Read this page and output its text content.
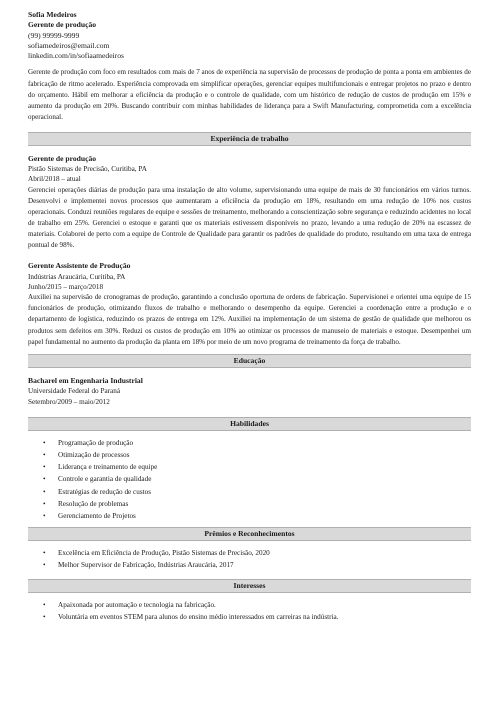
Sofia Medeiros
Gerente de produção
(99) 99999-9999
sofiamedeiros@email.com
linkedin.com/in/sofiaamedeiros
Gerente de produção com foco em resultados com mais de 7 anos de experiência na supervisão de processos de produção de ponta a ponta em ambientes de fabricação de ritmo acelerado. Experiência comprovada em simplificar operações, gerenciar equipes multifuncionais e entregar projetos no prazo e dentro do orçamento. Hábil em melhorar a eficiência da produção e o controle de qualidade, com um histórico de redução de custos de produção em 15% e aumento da produção em 20%. Buscando contribuir com minhas habilidades de liderança para a Swift Manufacturing, comprometida com a excelência operacional.
Experiência de trabalho
Gerente de produção
Pistão Sistemas de Precisão, Curitiba, PA
Abril/2018 – atual
Gerenciei operações diárias de produção para uma instalação de alto volume, supervisionando uma equipe de mais de 30 funcionários em vários turnos. Desenvolvi e implementei novos processos que aumentaram a eficiência da produção em 18%, resultando em uma redução de 10% nos custos operacionais. Conduzi reuniões regulares de equipe e sessões de treinamento, melhorando a conscientização sobre segurança e reduzindo acidentes no local de trabalho em 25%. Gerenciei o estoque e garanti que os materiais estivessem disponíveis no prazo, levando a uma redução de 20% na escassez de materiais. Colaborei de perto com a equipe de Controle de Qualidade para garantir os padrões de qualidade do produto, resultando em uma taxa de entrega pontual de 98%.
Gerente Assistente de Produção
Indústrias Araucária, Curitiba, PA
Junho/2015 – março/2018
Auxiliei na supervisão de cronogramas de produção, garantindo a conclusão oportuna de ordens de fabricação. Supervisionei e orientei uma equipe de 15 funcionários de produção, otimizando fluxos de trabalho e melhorando o desempenho da equipe. Gerenciei a coordenação entre a produção e o departamento de logística, reduzindo os prazos de entrega em 12%. Auxiliei na implementação de um sistema de gestão de qualidade que melhorou os produtos sem defeitos em 30%. Reduzi os custos de produção em 10% ao otimizar os processos de manuseio de materiais e estoque. Desempenhei um papel fundamental no aumento da produção da planta em 18% por meio de um novo programa de treinamento da força de trabalho.
Educação
Bacharel em Engenharia Industrial
Universidade Federal do Paraná
Setembro/2009 – maio/2012
Habilidades
• Programação de produção
• Otimização de processos
• Liderança e treinamento de equipe
• Controle e garantia de qualidade
• Estratégias de redução de custos
• Resolução de problemas
• Gerenciamento de Projetos
Prêmios e Reconhecimentos
• Excelência em Eficiência de Produção, Pistão Sistemas de Precisão, 2020
• Melhor Supervisor de Fabricação, Indústrias Araucária, 2017
Interesses
• Apaixonada por automação e tecnologia na fabricação.
• Voluntária em eventos STEM para alunos do ensino médio interessados em carreiras na indústria.
